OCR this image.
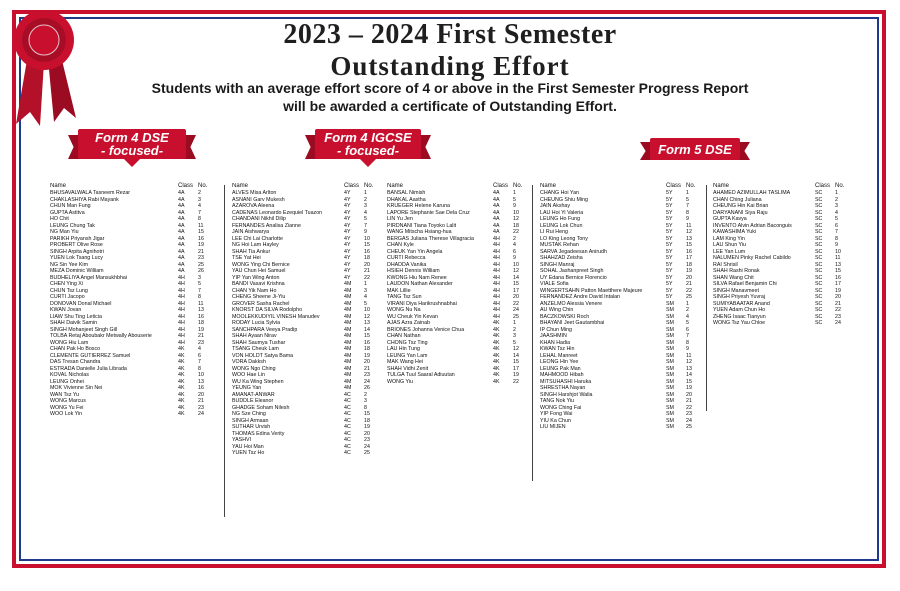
2023 – 2024 First Semester
Outstanding Effort
Students with an average effort score of 4 or above in the First Semester Progress Report
will be awarded a certificate of Outstanding Effort.
Form 4 DSE
- focused-
Form 4 IGCSE
- focused-	Form 5 DSE
Name	Class No.
BHUSAVALWALA Tasneem Rezar	4A	2
CHAKLASHIYA Rabi Mayank	4A	3
CHUN Man Fung	4A	4
GUPTA Astitva	4A	7
HO Chit	4A	8
LEUNG Chung Tak	4A	11
NG Man Yiu	4A	15
PARIKH Priyansh Jigar	4A	16
PROBERT Olive Rose	4A	19
SINGH Arpita Agnihotri	4A	21
YUEN Lok Tsang Lucy	4A	23
NG Sin Yee Kim	4A	25
MEZA Dominic William	4A	26
BUDHELIYA Angel Mansukhbhai	4H	3
CHEN Ying Xi	4H	5
CHUN Tsz Lung	4H	7
CURTI Jacopo	4H	8
DONOVAN Donal Michael	4H	11
KWAN Jovan	4H	13
LIAW Shu Ting Leticia	4H	16
SHAH Daivik Samin	4H	18
SINGH Mohanjeet Singh Gill	4H	19
TOLBA Retaj Aboubakr Metwally Abouserie	4H	21
WONG Hiu Lam	4H	23
CHAN Pak Ho Bosco	4K	4
CLEMENTE GUTIERREZ Samuel	4K	6
DAS Tresan Chandra	4K	7
ESTRADA Danielle Julia Librada	4K	8
KOVAL Nicholas	4K	10
LEUNG Onhei	4K	13
MOK Vivienne Sin Nei	4K	16
WAN Tsz Yu	4K	20
WONG Marcus	4K	21
WONG Yu Fei	4K	23
WOO Lok Yin	4K	24
Name	Class No.
ALVES Misa Arlton	4Y	1
ASNANI Garv Mukesh	4Y	2
AZAROVA Aleena	4Y	3
CADENAS Leonardo Ezequiel Tuazon	4Y	4
CHANDANI Nikhil Dilip	4Y	5
FERNANDES Analisa Zianne	4Y	7
JAIN Aishwarya	4Y	9
LEE Chi Lai Charlotte	4Y	10
NG Hoi Lam Hayley	4Y	15
SHAH Tia Ankur	4Y	16
TSE Yat Hei	4Y	18
WONG Ying Chi Bernice	4Y	20
YAU Chun Hei Samuel	4Y	21
YIP Yan Wing Anton	4Y	22
BANDI Vasavi Krishna	4M	1
CHAN Yik Nam Ho	4M	3
CHENG Sheene Ji-Yiu	4M	4
GROVER Sasha Rachel	4M	5
KNORST DA SILVA Rodolpho	4M	10
MOOLEKKUDIYIL VINESH Manudev	4M	12
RODAY Lucia Sylvia	4M	13
SANCHPARA Veeya Pradip	4M	14
SHAH Ayaan Nirav	4M	15
SHAH Saumya Tushar	4M	16
TSANG Cheuk Lam	4M	18
VON HOLDT Satya Bama	4M	19
VORA Dakksh	4M	20
WONG Ngo Ching	4M	21
WOO Hae Lin	4M	23
WU Ka Wing Stephen	4M	24
YEUNG Yan	4M	26
AMANAT-ANWAR	4C	2
BUDDLE Eleanor	4C	3
GHADGE Soham Nilesh	4C	8
NG Sze Ching	4C	15
SINGH Armaan	4C	18
SUTHAR Urvish	4C	19
THOMAS Edina Verity	4C	20
YASHVI	4C	23
YAU Hoi Man	4C	24
YUEN Tsz Ho	4C	25
Name	Class No.
BANSAL Nimish	4A	1
DHAKAL Aastha	4A	5
KRUEGER Helene Karuna	4A	9
LAPORE Stephanie Sae Dela Cruz	4A	10
LIN Yu Jen	4A	12
PIRDNANI Tiana Toyoko Lalit	4A	18
WANG Mitscha Hsiang-hua	4A	22
BERGAS Juliana Therese Villagracia	4H	2
CHAN Kyle	4H	4
CHEUK Yan Yin Angela	4H	6
CURTI Rebecca	4H	9
DHADDA Vanika	4H	10
HSIEH Dennis William	4H	12
KWONG Hiu Nam Renee	4H	14
LAUDON Nathan Alexander	4H	15
MAK Lillie	4H	17
TANG Tsz Sun	4H	20
VIRANI Diya Harikrushnabhai	4H	22
WONG Nu Na	4H	24
WU Cheuk Yin Kevan	4H	25
AJAS Azra Zainab	4K	1
BRIONES Johanna Venice Chua	4K	2
CHAN Nathan	4K	3
CHONG Tsz Ting	4K	5
LAU Hin Tung	4K	12
LEUNG Yan Lam	4K	14
MAK Wang Hei	4K	15
SHAH Vidhi Zenit	4K	17
TULGA Tuul Saaral Adiuutan	4K	19
WONG Yiu	4K	22
Name	Class No.
CHANG Hoi Yan	5Y	1
CHEUNG Shiu Ming	5Y	5
JAIN Akshay	5Y	7
LAU Hoi Yi Valeria	5Y	8
LEUNG Ho Fung	5Y	9
LEUNG Lok Chun	5Y	11
LI Rui Heng	5Y	12
LO King Leong Tony	5Y	13
MUSTAK Rehan	5Y	15
SARVA Jegadeesan Anirudh	5Y	16
SHAHZAD Zeisha	5Y	17
SINGH Manraj	5Y	18
SOHAL Jashanpreet Singh	5Y	19
UY Edana Bernice Florencio	5Y	20
VIALE Sofia	5Y	21
WINGERTSAHN Patton Maetthere Majeure	5Y	22
FERNANDEZ Andre David Intalan	5Y	25
ANZELMO Alessia Venere	SM	1
AU Wing Chin	SM	2
BACZKOWSKI Roch	SM	4
BHAYANI Jeet Gautambhai	SM	5
IP Chun Ming	SM	6
JAASHMIN	SM	7
KHAN Hadia	SM	8
KWAN Tsz Hin	SM	9
LEHAL Manreet	SM	11
LEONG Hin Yee	SM	12
LEUNG Pak Man	SM	13
MAHMOOD Hibah	SM	14
MITSUHASHI Haruka	SM	15
SHRESTHA Nayan	SM	19
SINGH Harshjot Walia	SM	20
TANG Nok Yiu	SM	21
WONG Ching Fai	SM	22
YIP Fong Wai	SM	23
YIU Ka Chun	SM	24
LIU MIJEN	SM	25
Name	Class No.
AHAMED AZIMULLAH TASLIMA	SC	1
CHAN Ching Juliana	SC	2
CHEUNG Hin Kai Brian	SC	3
DARYANANI Siya Raju	SC	4
GUPTA Kavya	SC	5
INVENTO Alvin Adrian Baconguis	SC	6
KAWASHIMA Yuki	SC	7
LAM King Yin	SC	8
LAU Shun Yiu	SC	9
LEE Yan Lum	SC	10
NALUMEN Pinky Rachel Cabildo	SC	11
RAI Shrisil	SC	13
SHAH Rashi Ronak	SC	15
SHAN Wang Chit	SC	16
SILVA Rafael Benjamin Chi	SC	17
SINGH Manavmeet	SC	19
SINGH Priyesh Yuvraj	SC	20
SUMIYABAATAR Anand	SC	21
YUEN Adam Chun Ho	SC	22
ZHENG Isaac Tianyun	SC	23
WONG Tsz Yau Chloe	SC	24
